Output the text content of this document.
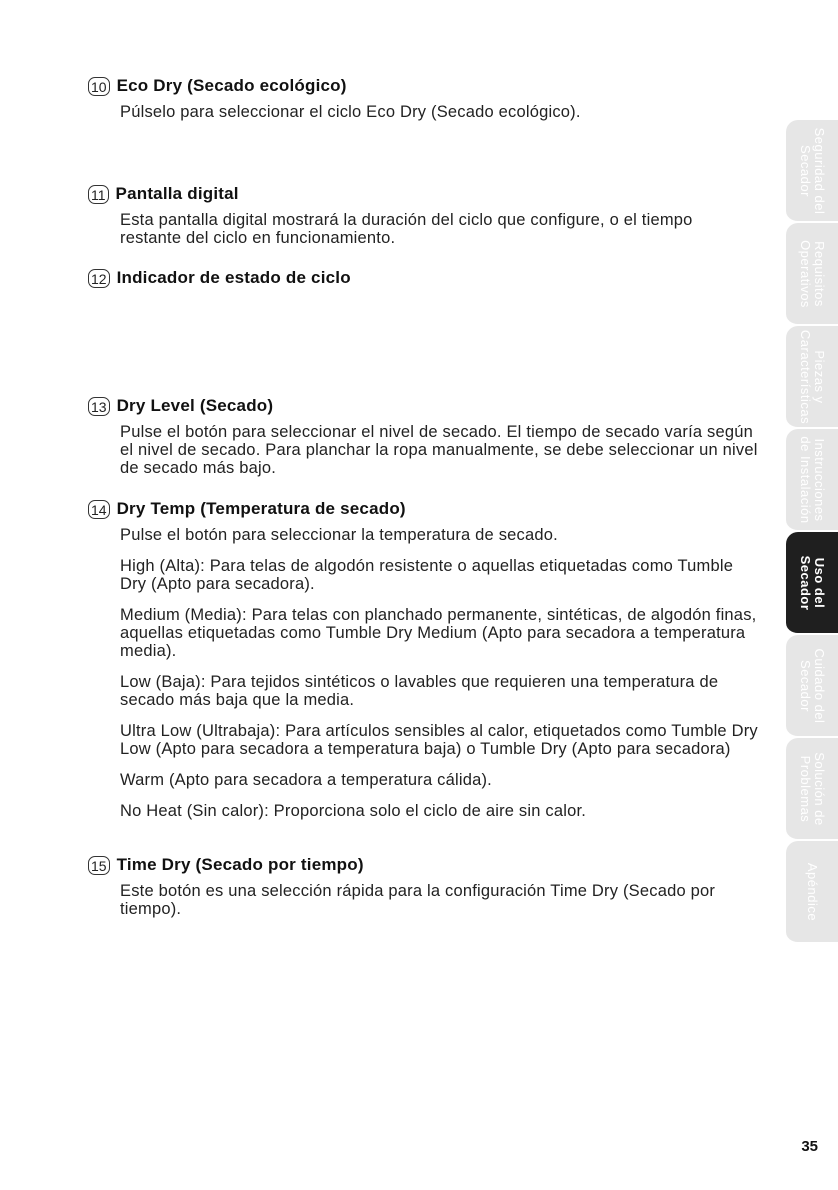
10 Eco Dry (Secado ecológico)

Púlselo para seleccionar el ciclo Eco Dry (Secado ecológico).

11 Pantalla digital

Esta pantalla digital mostrará la duración del ciclo que configure, o el tiempo restante del ciclo en funcionamiento.

12 Indicador de estado de ciclo
13 Dry Level (Secado)

Pulse el botón para seleccionar el nivel de secado. El tiempo de secado varía según el nivel de secado. Para planchar la ropa manualmente, se debe seleccionar un nivel de secado más bajo.

14 Dry Temp (Temperatura de secado)

Pulse el botón para seleccionar la temperatura de secado.

High (Alta): Para telas de algodón resistente o aquellas etiquetadas como Tumble Dry (Apto para secadora).

Medium (Media): Para telas con planchado permanente, sintéticas, de algodón finas, aquellas etiquetadas como Tumble Dry Medium (Apto para secadora a temperatura media).

Low (Baja): Para tejidos sintéticos o lavables que requieren una temperatura de secado más baja que la media.

Ultra Low (Ultrabaja): Para artículos sensibles al calor, etiquetados como Tumble Dry Low (Apto para secadora a temperatura baja) o Tumble Dry (Apto para secadora)

Warm (Apto para secadora a temperatura cálida).

No Heat (Sin calor): Proporciona solo el ciclo de aire sin calor.

15 Time Dry (Secado por tiempo)

Este botón es una selección rápida para la configuración Time Dry (Secado por tiempo).

Seguridad del Secador
Requisitos Operativos
Piezas y Características
Instrucciones de Instalación
Uso del Secador
Cuidado del Secador
Solución de Problemas
Apéndice
35
